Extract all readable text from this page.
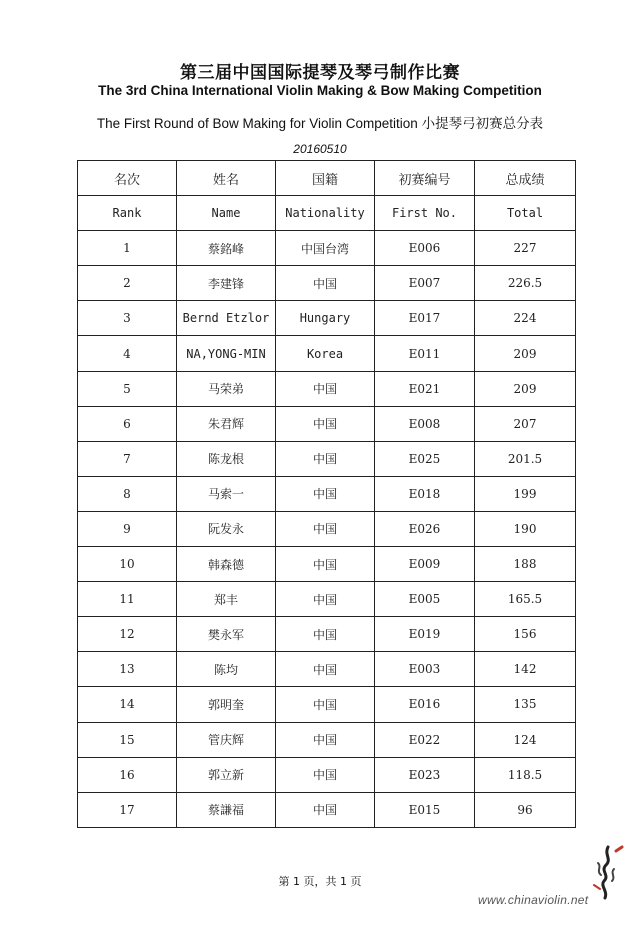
第三届中国国际提琴及琴弓制作比赛
The 3rd China International Violin Making & Bow Making Competition
The First Round of Bow Making for Violin Competition 小提琴弓初赛总分表
20160510
名次	姓名	国籍	初赛编号	总成绩
Rank	Name	Nationality	First No.	Total
1	蔡銘峰	中国台湾	E006	227
2	李建锋	中国	E007	226.5
3	Bernd Etzlor	Hungary	E017	224
4	NA,YONG-MIN	Korea	E011	209
5	马荣弟	中国	E021	209
6	朱君辉	中国	E008	207
7	陈龙根	中国	E025	201.5
8	马索一	中国	E018	199
9	阮发永	中国	E026	190
10	韩森德	中国	E009	188
11	郑丰	中国	E005	165.5
12	樊永军	中国	E019	156
13	陈均	中国	E003	142
14	郭明奎	中国	E016	135
15	管庆辉	中国	E022	124
16	郭立新	中国	E023	118.5
17	蔡謙福	中国	E015	96
第 1 页，共 1 页
www.chinaviolin.net
